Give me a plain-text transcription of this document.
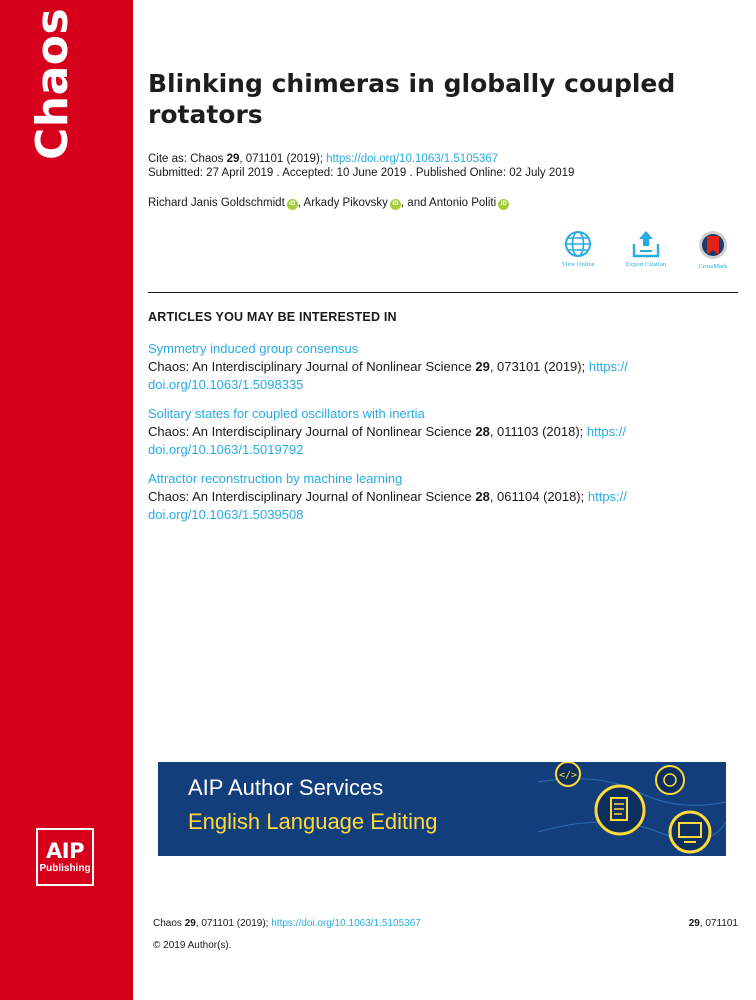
Chaos
AIP
Publishing
Blinking chimeras in globally coupled
rotators
Cite as: Chaos 29, 071101 (2019); https://doi.org/10.1063/1.5105367
Submitted: 27 April 2019 . Accepted: 10 June 2019 . Published Online: 02 July 2019
Richard Janis Goldschmidt iD , Arkady Pikovsky iD , and Antonio Politi iD
View Online	Export Citation	CrossMark
ARTICLES YOU MAY BE INTERESTED IN
Symmetry induced group consensus
Chaos: An Interdisciplinary Journal of Nonlinear Science 29, 073101 (2019); https://
doi.org/10.1063/1.5098335
Solitary states for coupled oscillators with inertia
Chaos: An Interdisciplinary Journal of Nonlinear Science 28, 011103 (2018); https://
doi.org/10.1063/1.5019792
Attractor reconstruction by machine learning
Chaos: An Interdisciplinary Journal of Nonlinear Science 28, 061104 (2018); https://
doi.org/10.1063/1.5039508
AIP Author Services
English Language Editing
</>
Chaos 29, 071101 (2019); https://doi.org/10.1063/1.5105367	29, 071101
© 2019 Author(s).
